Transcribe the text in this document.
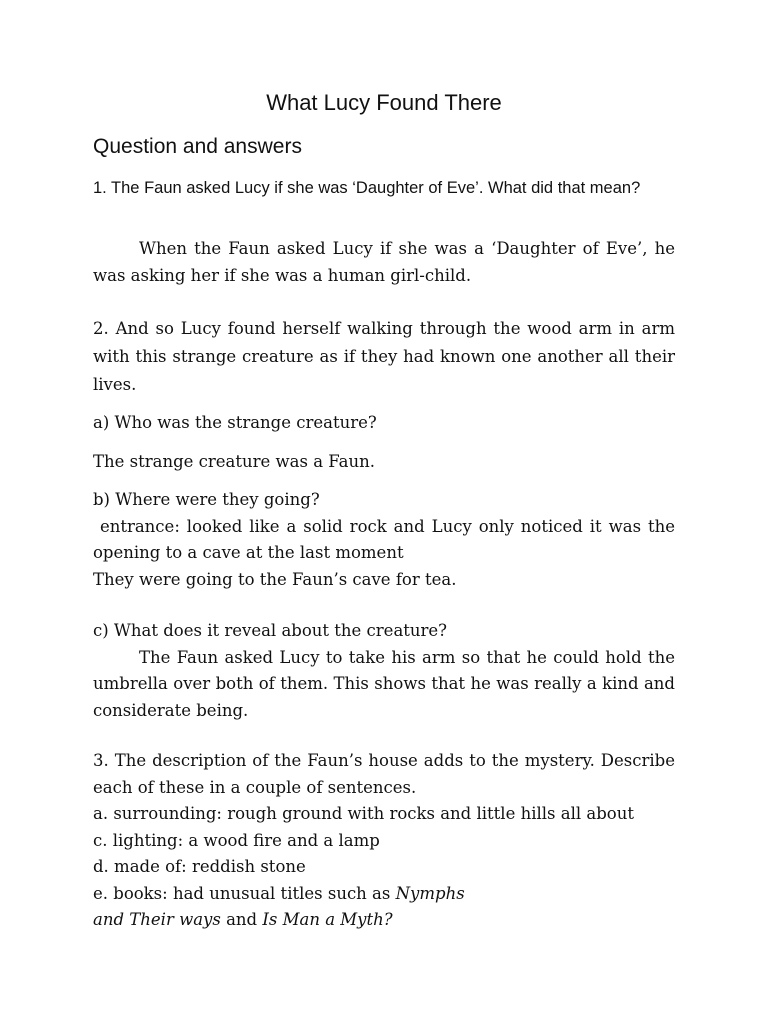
What Lucy Found There
Question and answers
1. The Faun asked Lucy if she was ‘Daughter of Eve’. What did that mean?
When the Faun asked Lucy if she was a ‘Daughter of Eve’, he was asking her if she was a human girl-child.
2. And so Lucy found herself walking through the wood arm in arm with this strange creature as if they had known one another all their lives.
a) Who was the strange creature?
The strange creature was a Faun.
b) Where were they going?
entrance: looked like a solid rock and Lucy only noticed it was the opening to a cave at the last moment
They were going to the Faun’s cave for tea.
c) What does it reveal about the creature?
The Faun asked Lucy to take his arm so that he could hold the umbrella over both of them. This shows that he was really a kind and considerate being.
3. The description of the Faun’s house adds to the mystery. Describe each of these in a couple of sentences.
a. surrounding: rough ground with rocks and little hills all about
c. lighting: a wood fire and a lamp
d. made of: reddish stone
e. books: had unusual titles such as Nymphs and Their ways and Is Man a Myth?
